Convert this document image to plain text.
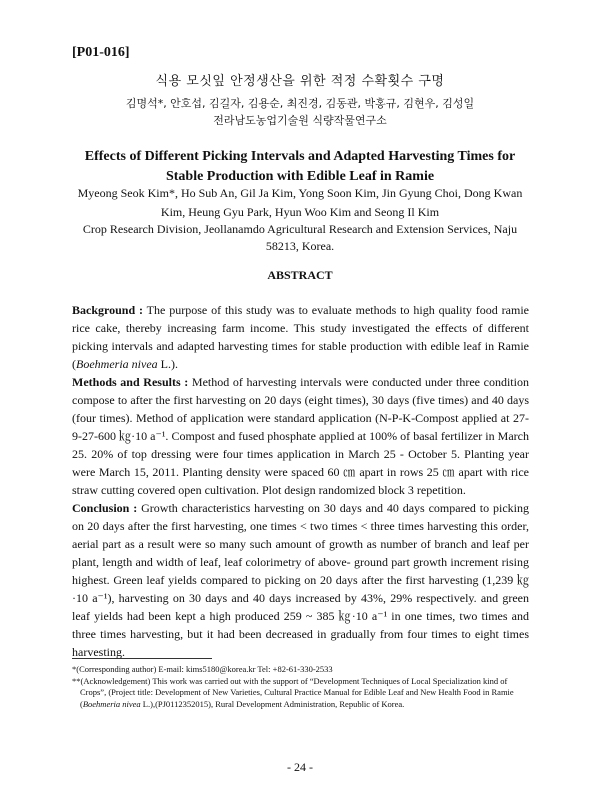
[P01-016]
식용 모싯잎 안정생산을 위한 적정 수확횟수 구명
김명석*, 안호섭, 김길자, 김용순, 최진경, 김동관, 박홍규, 김현우, 김성일
전라남도농업기술원 식량작물연구소
Effects of Different Picking Intervals and Adapted Harvesting Times for Stable Production with Edible Leaf in Ramie
Myeong Seok Kim*, Ho Sub An, Gil Ja Kim, Yong Soon Kim, Jin Gyung Choi, Dong Kwan Kim, Heung Gyu Park, Hyun Woo Kim and Seong Il Kim
Crop Research Division, Jeollanamdo Agricultural Research and Extension Services, Naju 58213, Korea.
ABSTRACT

Background : The purpose of this study was to evaluate methods to high quality food ramie rice cake, thereby increasing farm income. This study investigated the effects of different picking intervals and adapted harvesting times for stable production with edible leaf in Ramie (Boehmeria nivea L.).

Methods and Results : Method of harvesting intervals were conducted under three condition compose to after the first harvesting on 20 days (eight times), 30 days (five times) and 40 days (four times). Method of application were standard application (N-P-K-Compost applied at 27-9-27-600 ㎏·10 a⁻¹. Compost and fused phosphate applied at 100% of basal fertilizer in March 25. 20% of top dressing were four times application in March 25 - October 5. Planting year were March 15, 2011. Planting density were spaced 60 ㎝ apart in rows 25 ㎝ apart with rice straw cutting covered open cultivation. Plot design randomized block 3 repetition.

Conclusion : Growth characteristics harvesting on 30 days and 40 days compared to picking on 20 days after the first harvesting, one times < two times < three times harvesting this order, aerial part as a result were so many such amount of growth as number of branch and leaf per plant, length and width of leaf, leaf colorimetry of above- ground part growth increment rising highest. Green leaf yields compared to picking on 20 days after the first harvesting (1,239 ㎏·10 a⁻¹), harvesting on 30 days and 40 days increased by 43%, 29% respectively. and green leaf yields had been kept a high produced 259 ~ 385 ㎏·10 a⁻¹ in one times, two times and three times harvesting, but it had been decreased in gradually from four times to eight times harvesting.

*(Corresponding author) E-mail: kims5180@korea.kr Tel: +82-61-330-2533

**(Acknowledgement) This work was carried out with the support of “Development Techniques of Local Specialization kind of Crops”, (Project title: Development of New Varieties, Cultural Practice Manual for Edible Leaf and New Health Food in Ramie (Boehmeria nivea L.),(PJ0112352015), Rural Development Administration, Republic of Korea.

- 24 -
